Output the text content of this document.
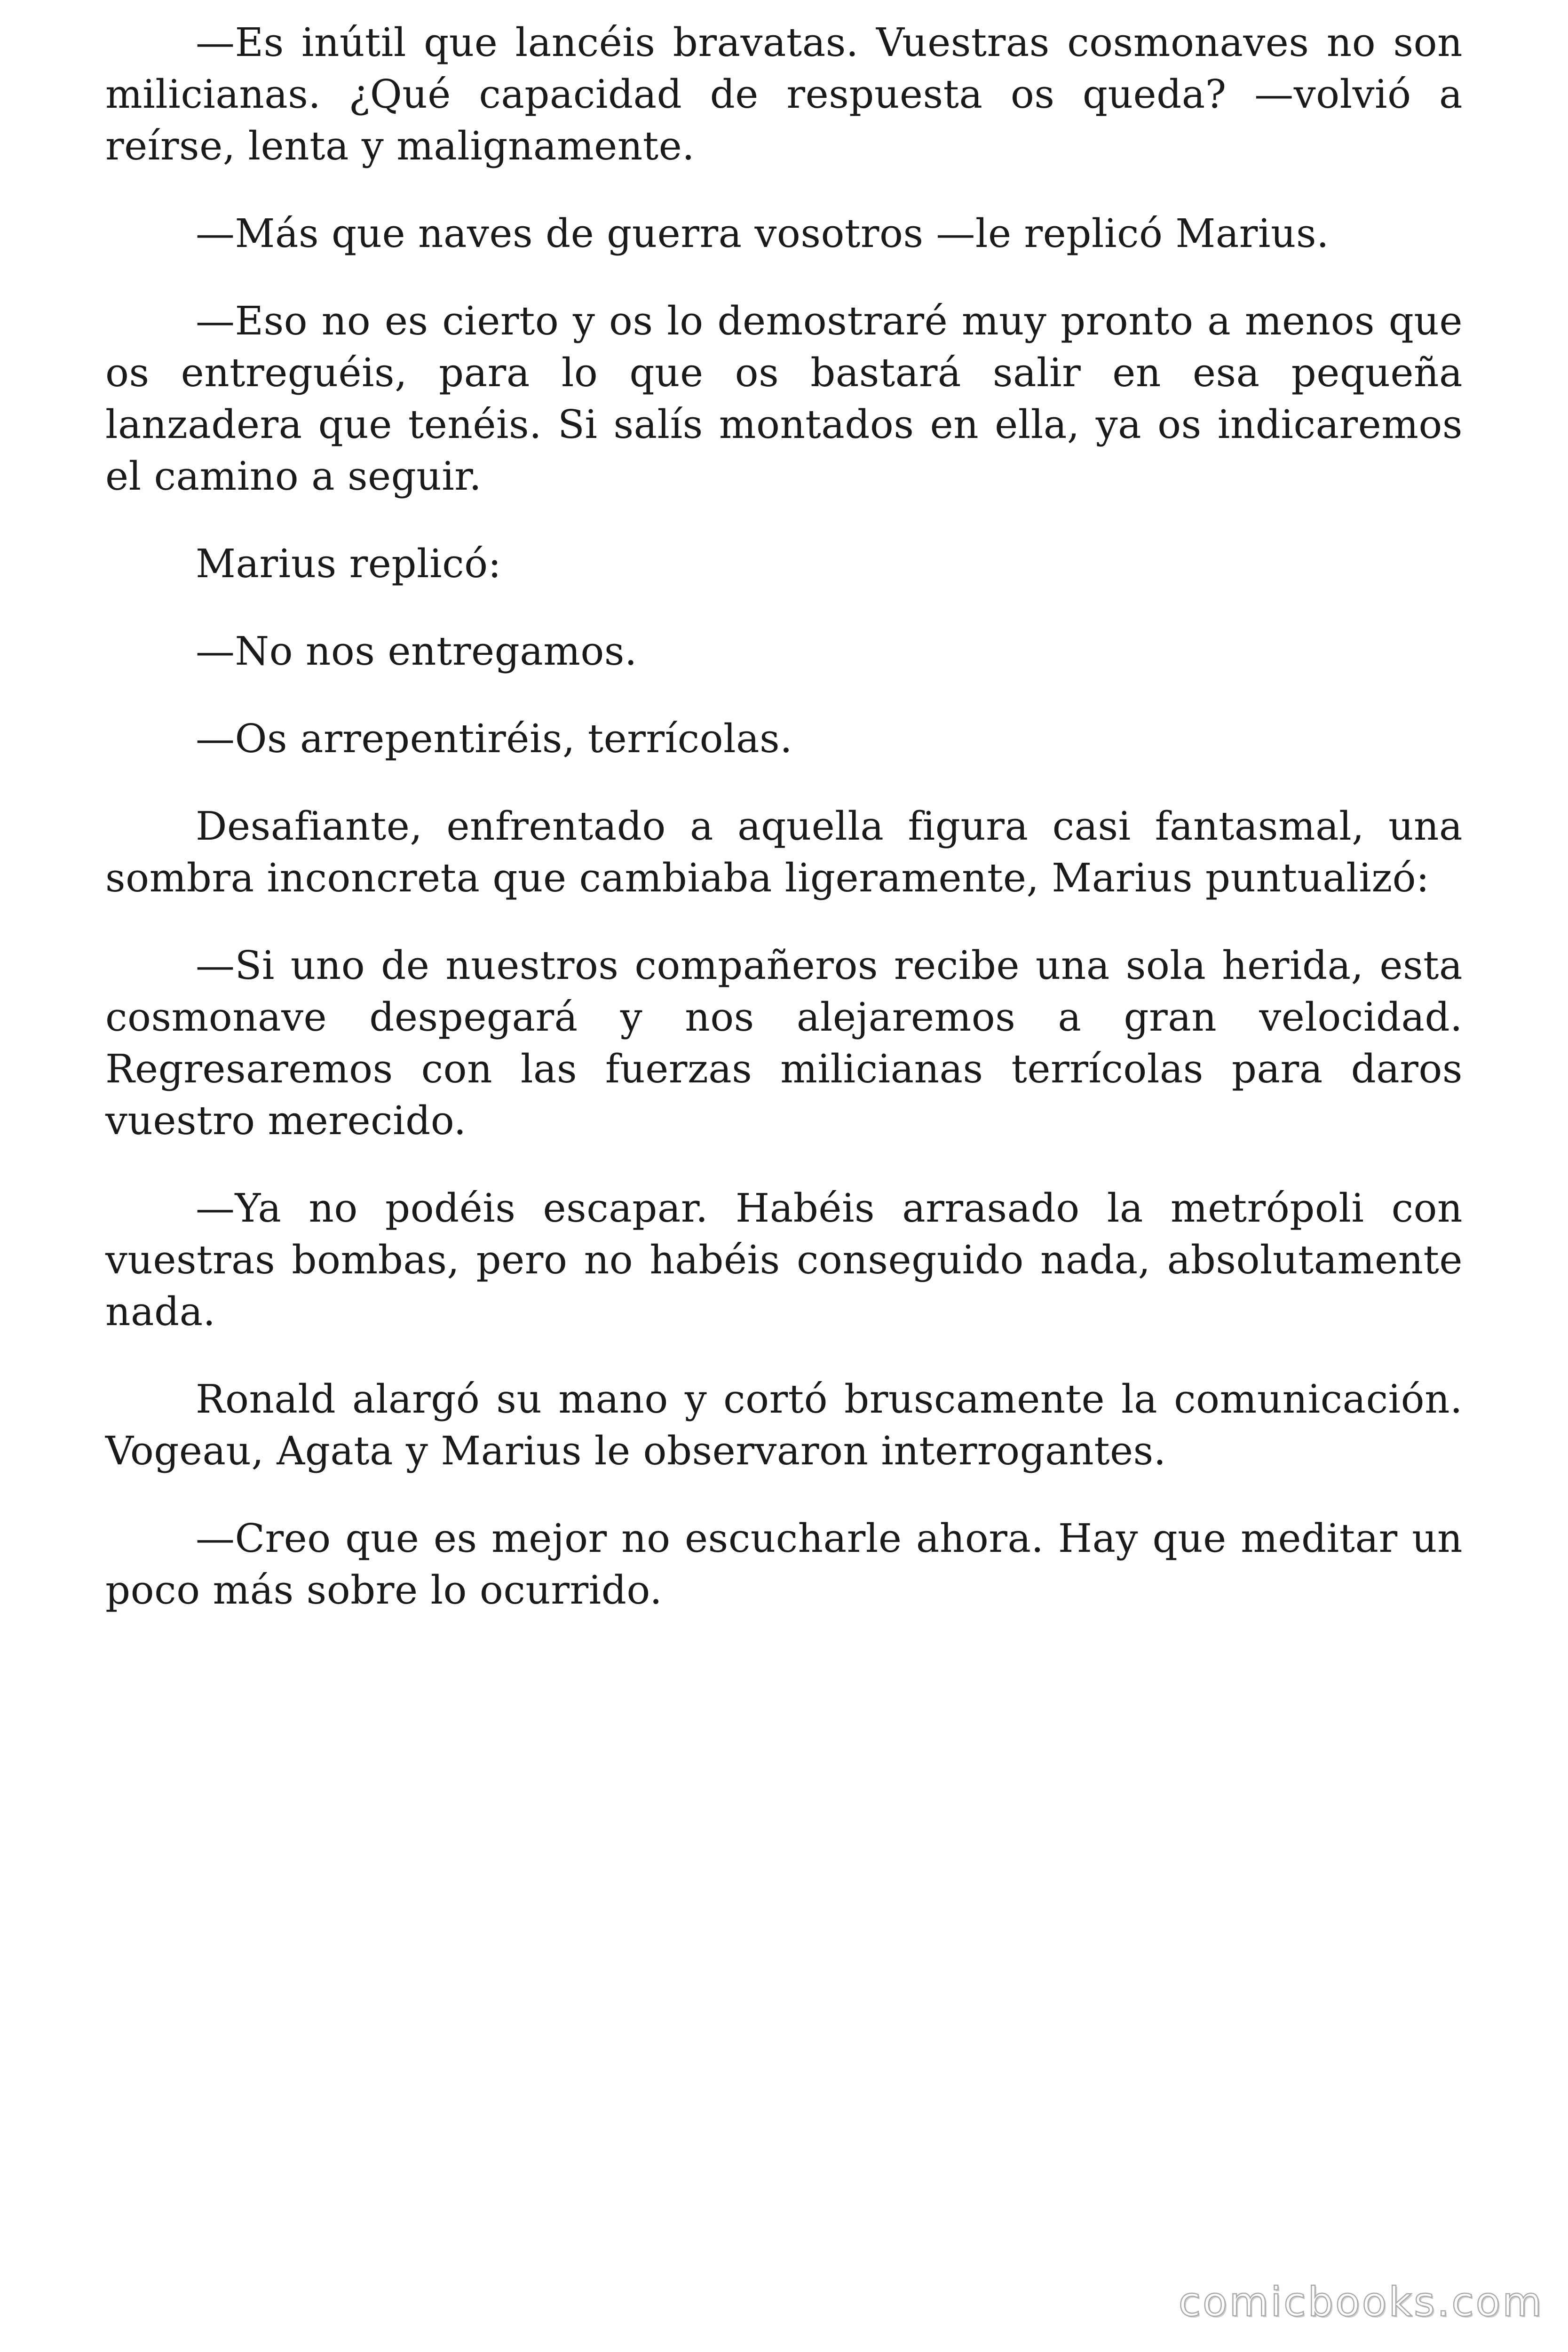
—Es inútil que lancéis bravatas. Vuestras cosmonaves no son milicianas. ¿Qué capacidad de respuesta os queda? —volvió a reírse, lenta y malignamente.

—Más que naves de guerra vosotros —le replicó Marius.

—Eso no es cierto y os lo demostraré muy pronto a menos que os entreguéis, para lo que os bastará salir en esa pequeña lanzadera que tenéis. Si salís montados en ella, ya os indicaremos el camino a seguir.

Marius replicó:

—No nos entregamos.

—Os arrepentiréis, terrícolas.

Desafiante, enfrentado a aquella figura casi fantasmal, una sombra inconcreta que cambiaba ligeramente, Marius puntualizó:

—Si uno de nuestros compañeros recibe una sola herida, esta cosmonave despegará y nos alejaremos a gran velocidad. Regresaremos con las fuerzas milicianas terrícolas para daros vuestro merecido.

—Ya no podéis escapar. Habéis arrasado la metrópoli con vuestras bombas, pero no habéis conseguido nada, absolutamente nada.

Ronald alargó su mano y cortó bruscamente la comunicación. Vogeau, Agata y Marius le observaron interrogantes.

—Creo que es mejor no escucharle ahora. Hay que meditar un poco más sobre lo ocurrido.

comicbooks.com
